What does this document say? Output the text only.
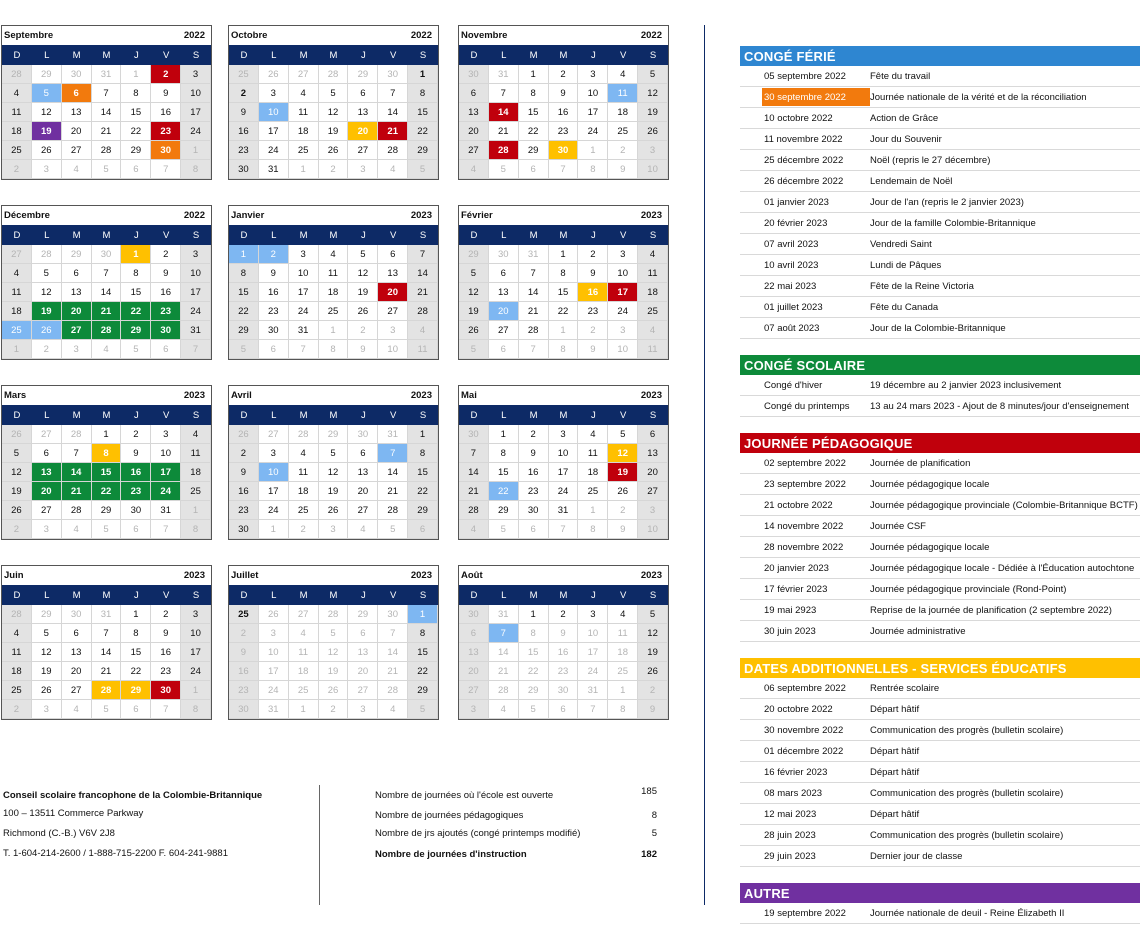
Septembre	2022
D	L	M	M	J	V	S
28	29	30	31	1	2	3
4	5	6	7	8	9	10
11	12	13	14	15	16	17
18	19	20	21	22	23	24
25	26	27	28	29	30	1
2	3	4	5	6	7	8
Octobre	2022
D	L	M	M	J	V	S
25	26	27	28	29	30	1
2	3	4	5	6	7	8
9	10	11	12	13	14	15
16	17	18	19	20	21	22
23	24	25	26	27	28	29
30	31	1	2	3	4	5
Novembre	2022
D	L	M	M	J	V	S
30	31	1	2	3	4	5
6	7	8	9	10	11	12
13	14	15	16	17	18	19
20	21	22	23	24	25	26
27	28	29	30	1	2	3
4	5	6	7	8	9	10
Décembre	2022
D	L	M	M	J	V	S
27	28	29	30	1	2	3
4	5	6	7	8	9	10
11	12	13	14	15	16	17
18	19	20	21	22	23	24
25	26	27	28	29	30	31
1	2	3	4	5	6	7
Janvier	2023
D	L	M	M	J	V	S
1	2	3	4	5	6	7
8	9	10	11	12	13	14
15	16	17	18	19	20	21
22	23	24	25	26	27	28
29	30	31	1	2	3	4
5	6	7	8	9	10	11
Février	2023
D	L	M	M	J	V	S
29	30	31	1	2	3	4
5	6	7	8	9	10	11
12	13	14	15	16	17	18
19	20	21	22	23	24	25
26	27	28	1	2	3	4
5	6	7	8	9	10	11
Mars	2023
D	L	M	M	J	V	S
26	27	28	1	2	3	4
5	6	7	8	9	10	11
12	13	14	15	16	17	18
19	20	21	22	23	24	25
26	27	28	29	30	31	1
2	3	4	5	6	7	8
Avril	2023
D	L	M	M	J	V	S
26	27	28	29	30	31	1
2	3	4	5	6	7	8
9	10	11	12	13	14	15
16	17	18	19	20	21	22
23	24	25	26	27	28	29
30	1	2	3	4	5	6
Mai	2023
D	L	M	M	J	V	S
30	1	2	3	4	5	6
7	8	9	10	11	12	13
14	15	16	17	18	19	20
21	22	23	24	25	26	27
28	29	30	31	1	2	3
4	5	6	7	8	9	10
Juin	2023
D	L	M	M	J	V	S
28	29	30	31	1	2	3
4	5	6	7	8	9	10
11	12	13	14	15	16	17
18	19	20	21	22	23	24
25	26	27	28	29	30	1
2	3	4	5	6	7	8
Juillet	2023
D	L	M	M	J	V	S
25	26	27	28	29	30	1
2	3	4	5	6	7	8
9	10	11	12	13	14	15
16	17	18	19	20	21	22
23	24	25	26	27	28	29
30	31	1	2	3	4	5
Août	2023
D	L	M	M	J	V	S
30	31	1	2	3	4	5
6	7	8	9	10	11	12
13	14	15	16	17	18	19
20	21	22	23	24	25	26
27	28	29	30	31	1	2
3	4	5	6	7	8	9
CONGÉ FÉRIÉ
05 septembre 2022	Fête du travail
30 septembre 2022	Journée nationale de la vérité et de la réconciliation
10 octobre 2022	Action de Grâce
11 novembre 2022	Jour du Souvenir
25 décembre 2022	Noël (repris le 27 décembre)
26 décembre 2022	Lendemain de Noël
01 janvier 2023	Jour de l'an (repris le 2 janvier 2023)
20 février 2023	Jour de la famille Colombie-Britannique
07 avril 2023	Vendredi Saint
10 avril 2023	Lundi de Pâques
22 mai 2023	Fête de la Reine Victoria
01 juillet 2023	Fête du Canada
07 août 2023	Jour de la Colombie-Britannique
CONGÉ SCOLAIRE
Congé d'hiver	19 décembre au 2 janvier 2023 inclusivement
Congé du printemps 13 au 24 mars 2023 - Ajout de 8 minutes/jour d'enseignement
JOURNÉE PÉDAGOGIQUE
02 septembre 2022	Journée de planification
23 septembre 2022	Journée pédagogique locale
21 octobre 2022	Journée pédagogique provinciale (Colombie-Britannique BCTF)
14 novembre 2022	Journée CSF
28 novembre 2022	Journée pédagogique locale
20 janvier 2023	Journée pédagogique locale - Dédiée à l'Éducation autochtone
17 février 2023	Journée pédagogique provinciale (Rond-Point)
19 mai 2923	Reprise de la journée de planification (2 septembre 2022)
30 juin 2023	Journée administrative
DATES ADDITIONNELLES - SERVICES ÉDUCATIFS
06 septembre 2022	Rentrée scolaire
20 octobre 2022	Départ hâtif
30 novembre 2022	Communication des progrès (bulletin scolaire)
01 décembre 2022	Départ hâtif
16 février 2023	Départ hâtif
08 mars 2023	Communication des progrès (bulletin scolaire)
12 mai 2023	Départ hâtif
28 juin 2023	Communication des progrès (bulletin scolaire)
29 juin 2023	Dernier jour de classe
AUTRE
19 septembre 2022	Journée nationale de deuil - Reine Élizabeth II
Conseil scolaire francophone de la Colombie-Britannique
100 – 13511 Commerce Parkway
Richmond (C.-B.) V6V 2J8
T. 1-604-214-2600 / 1-888-715-2200 F. 604-241-9881
Nombre de journées où l'école est ouverte	185
Nombre de journées pédagogiques	8
Nombre de jrs ajoutés (congé printemps modifié)	5
Nombre de journées d'instruction	182
